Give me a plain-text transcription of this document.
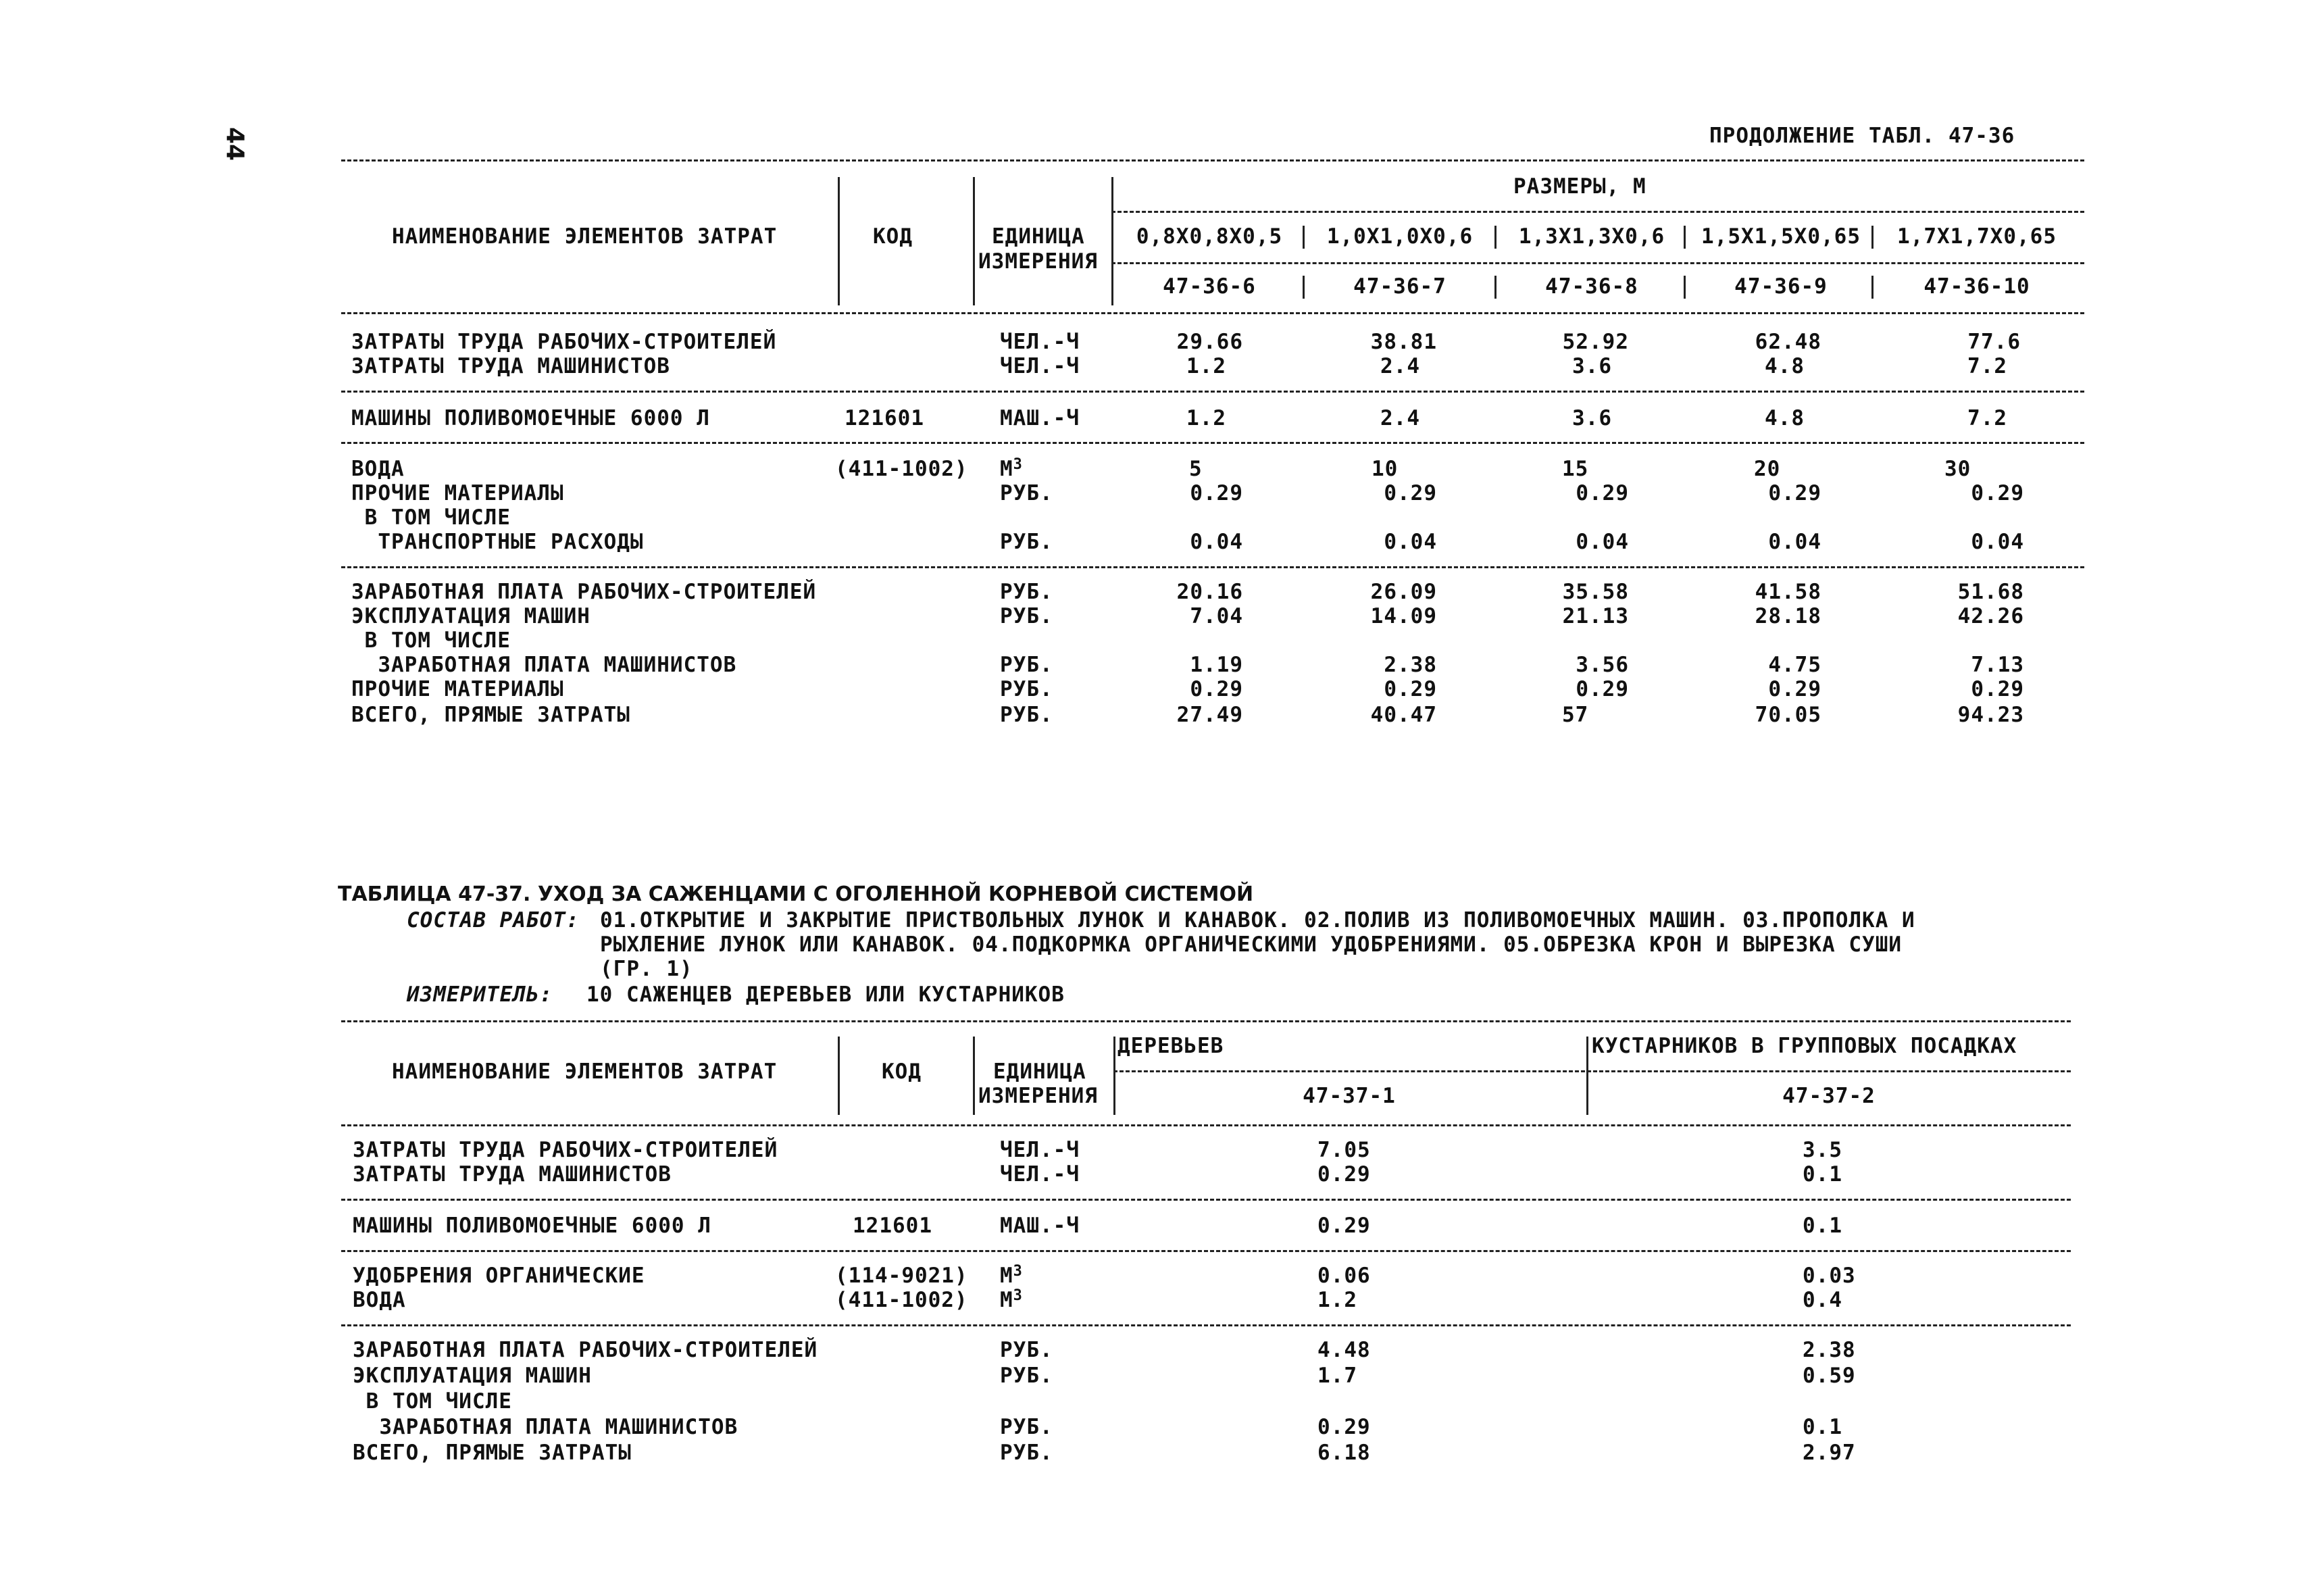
44	ПРОДОЛЖЕНИЕ ТАБЛ. 47-36
РАЗМЕРЫ, М
НАИМЕНОВАНИЕ ЭЛЕМЕНТОВ ЗАТРАТ	КОД	ЕДИНИЦА
ИЗМЕРЕНИЯ
0,8X0,8X0,5	1,0X1,0X0,6	1,3X1,3X0,6	1,5X1,5X0,65	1,7X1,7X0,65
47-36-6	47-36-7	47-36-8	47-36-9	47-36-10
ЗАТРАТЫ ТРУДА РАБОЧИХ-СТРОИТЕЛЕЙ	ЧЕЛ.-Ч	29.66	38.81	52.92	62.48	77.6
ЗАТРАТЫ ТРУДА МАШИНИСТОВ	ЧЕЛ.-Ч	1.2	2.4	3.6	4.8	7.2
МАШИНЫ ПОЛИВОМОЕЧНЫЕ 6000 Л	121601	МАШ.-Ч	1.2	2.4	3.6	4.8	7.2
ВОДА	(411-1002) $М^3$	5	10	15	20	30
ПРОЧИЕ МАТЕРИАЛЫ	РУБ.	0.29	0.29	0.29	0.29	0.29
В ТОМ ЧИСЛЕ
ТРАНСПОРТНЫЕ РАСХОДЫ	РУБ.	0.04	0.04	0.04	0.04	0.04
ЗАРАБОТНАЯ ПЛАТА РАБОЧИХ-СТРОИТЕЛЕЙ	РУБ.	20.16	26.09	35.58	41.58	51.68
ЭКСПЛУАТАЦИЯ МАШИН	РУБ.	7.04	14.09	21.13	28.18	42.26
В ТОМ ЧИСЛЕ
ЗАРАБОТНАЯ ПЛАТА МАШИНИСТОВ	РУБ.	1.19	2.38	3.56	4.75	7.13
ПРОЧИЕ МАТЕРИАЛЫ	РУБ.	0.29	0.29	0.29	0.29	0.29
ВСЕГО, ПРЯМЫЕ ЗАТРАТЫ	РУБ.	27.49	40.47	57	70.05	94.23
ТАБЛИЦА 47-37. УХОД ЗА САЖЕНЦАМИ С ОГОЛЕННОЙ КОРНЕВОЙ СИСТЕМОЙ
СОСТАВ РАБОТ: 01.ОТКРЫТИЕ И ЗАКРЫТИЕ ПРИСТВОЛЬНЫХ ЛУНОК И КАНАВОК. 02.ПОЛИВ ИЗ ПОЛИВОМОЕЧНЫХ МАШИН. 03.ПРОПОЛКА И
РЫХЛЕНИЕ ЛУНОК ИЛИ КАНАВОК. 04.ПОДКОРМКА ОРГАНИЧЕСКИМИ УДОБРЕНИЯМИ. 05.ОБРЕЗКА КРОН И ВЫРЕЗКА СУШИ
(ГР. 1)
ИЗМЕРИТЕЛЬ: 10 САЖЕНЦЕВ ДЕРЕВЬЕВ ИЛИ КУСТАРНИКОВ
ДЕРЕВЬЕВ	КУСТАРНИКОВ В ГРУППОВЫХ ПОСАДКАХ
НАИМЕНОВАНИЕ ЭЛЕМЕНТОВ ЗАТРАТ	КОД	ЕДИНИЦА
ИЗМЕРЕНИЯ	47-37-1	47-37-2
ЗАТРАТЫ ТРУДА РАБОЧИХ-СТРОИТЕЛЕЙ	ЧЕЛ.-Ч	7.05	3.5
ЗАТРАТЫ ТРУДА МАШИНИСТОВ	ЧЕЛ.-Ч	0.29	0.1
МАШИНЫ ПОЛИВОМОЕЧНЫЕ 6000 Л	121601	МАШ.-Ч	0.29	0.1
УДОБРЕНИЯ ОРГАНИЧЕСКИЕ	(114-9021) $М^3$	0.06	0.03
ВОДА	(411-1002) $М^3$	1.2	0.4
ЗАРАБОТНАЯ ПЛАТА РАБОЧИХ-СТРОИТЕЛЕЙ	РУБ.	4.48	2.38
ЭКСПЛУАТАЦИЯ МАШИН	РУБ.	1.7	0.59
В ТОМ ЧИСЛЕ
ЗАРАБОТНАЯ ПЛАТА МАШИНИСТОВ	РУБ.	0.29	0.1
ВСЕГО, ПРЯМЫЕ ЗАТРАТЫ	РУБ.	6.18	2.97
